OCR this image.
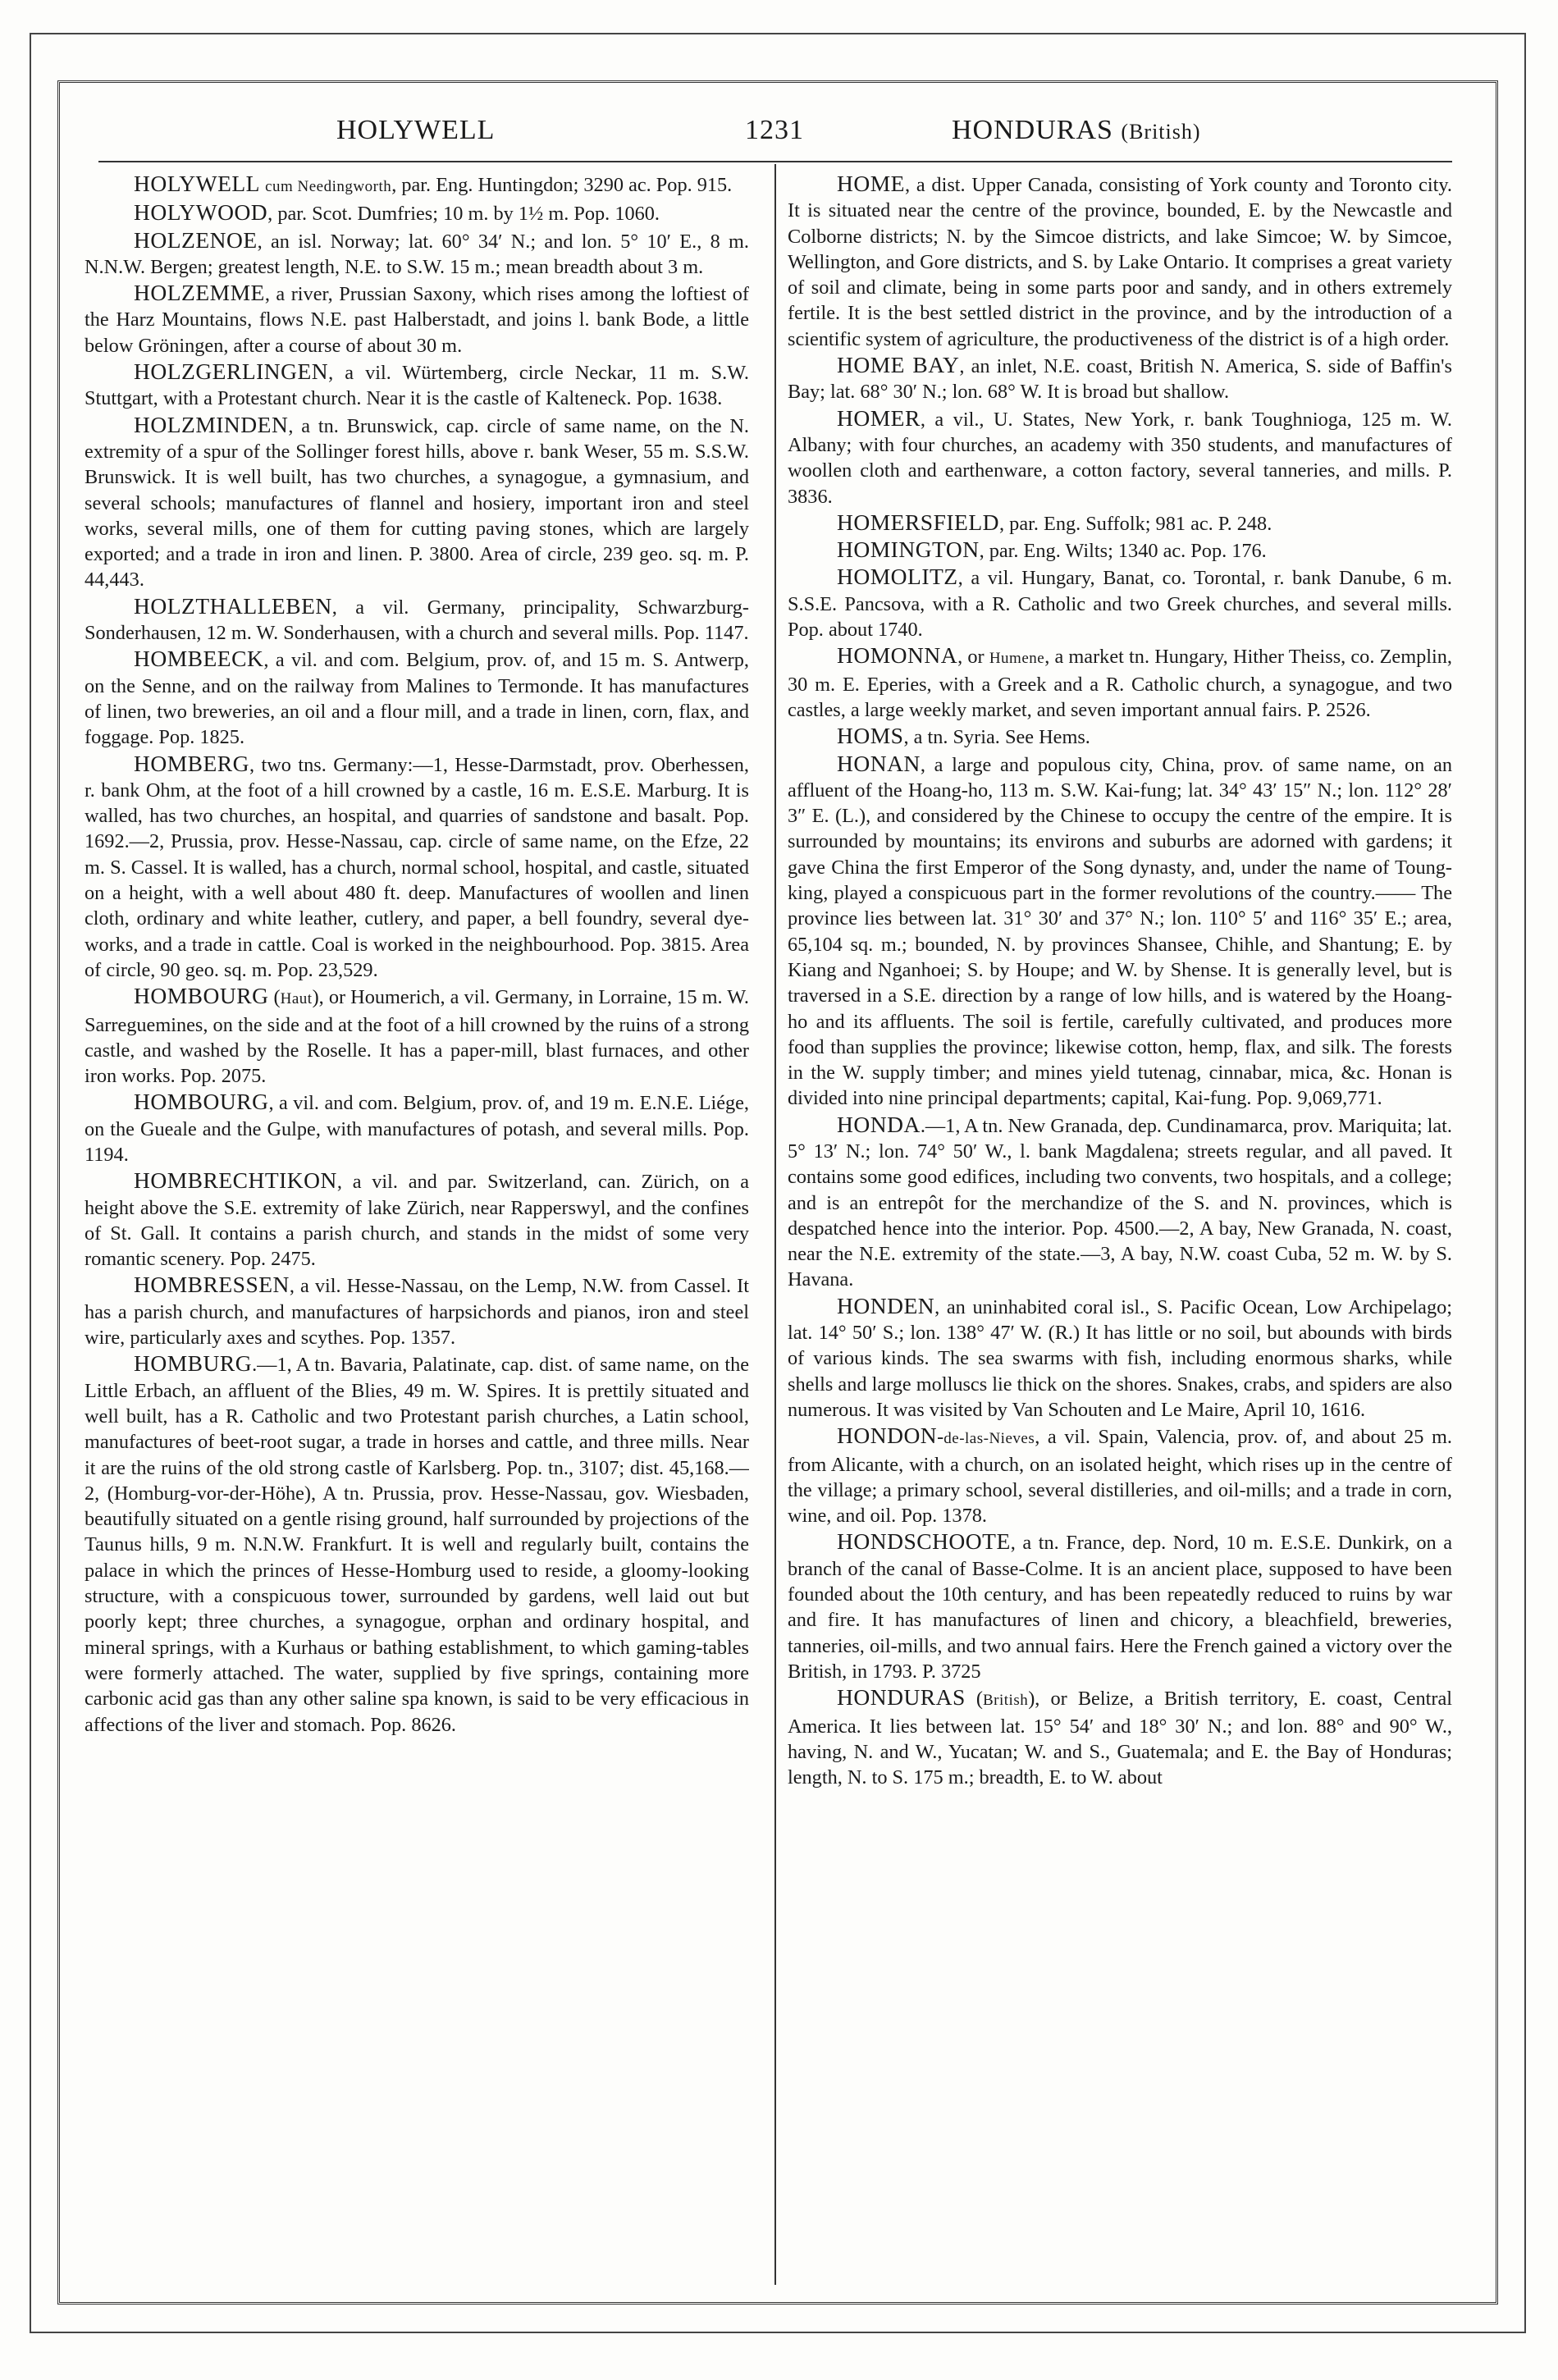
HOLYWELL	1231	HONDURAS (British)

HOLYWELL cum Needingworth, par. Eng. Huntingdon; 3290 ac. Pop. 915.

HOLYWOOD, par. Scot. Dumfries; 10 m. by 1½ m. Pop. 1060.

HOLZENOE, an isl. Norway; lat. 60° 34′ N.; and lon. 5° 10′ E., 8 m. N.N.W. Bergen; greatest length, N.E. to S.W. 15 m.; mean breadth about 3 m.

HOLZEMME, a river, Prussian Saxony, which rises among the loftiest of the Harz Mountains, flows N.E. past Halberstadt, and joins l. bank Bode, a little below Gröningen, after a course of about 30 m.

HOLZGERLINGEN, a vil. Würtemberg, circle Neckar, 11 m. S.W. Stuttgart, with a Protestant church. Near it is the castle of Kalteneck. Pop. 1638.

HOLZMINDEN, a tn. Brunswick, cap. circle of same name, on the N. extremity of a spur of the Sollinger forest hills, above r. bank Weser, 55 m. S.S.W. Brunswick. It is well built, has two churches, a synagogue, a gymnasium, and several schools; manufactures of flannel and hosiery, important iron and steel works, several mills, one of them for cutting paving stones, which are largely exported; and a trade in iron and linen. P. 3800. Area of circle, 239 geo. sq. m. P. 44,443.

HOLZTHALLEBEN, a vil. Germany, principality, Schwarzburg-Sonderhausen, 12 m. W. Sonderhausen, with a church and several mills. Pop. 1147.

HOMBEECK, a vil. and com. Belgium, prov. of, and 15 m. S. Antwerp, on the Senne, and on the railway from Malines to Termonde. It has manufactures of linen, two breweries, an oil and a flour mill, and a trade in linen, corn, flax, and foggage. Pop. 1825.

HOMBERG, two tns. Germany:—1, Hesse-Darmstadt, prov. Oberhessen, r. bank Ohm, at the foot of a hill crowned by a castle, 16 m. E.S.E. Marburg. It is walled, has two churches, an hospital, and quarries of sandstone and basalt. Pop. 1692.—2, Prussia, prov. Hesse-Nassau, cap. circle of same name, on the Efze, 22 m. S. Cassel. It is walled, has a church, normal school, hospital, and castle, situated on a height, with a well about 480 ft. deep. Manufactures of woollen and linen cloth, ordinary and white leather, cutlery, and paper, a bell foundry, several dye-works, and a trade in cattle. Coal is worked in the neighbourhood. Pop. 3815. Area of circle, 90 geo. sq. m. Pop. 23,529.

HOMBOURG (Haut), or Houmerich, a vil. Germany, in Lorraine, 15 m. W. Sarreguemines, on the side and at the foot of a hill crowned by the ruins of a strong castle, and washed by the Roselle. It has a paper-mill, blast furnaces, and other iron works. Pop. 2075.

HOMBOURG, a vil. and com. Belgium, prov. of, and 19 m. E.N.E. Liége, on the Gueale and the Gulpe, with manufactures of potash, and several mills. Pop. 1194.

HOMBRECHTIKON, a vil. and par. Switzerland, can. Zürich, on a height above the S.E. extremity of lake Zürich, near Rapperswyl, and the confines of St. Gall. It contains a parish church, and stands in the midst of some very romantic scenery. Pop. 2475.

HOMBRESSEN, a vil. Hesse-Nassau, on the Lemp, N.W. from Cassel. It has a parish church, and manufactures of harpsichords and pianos, iron and steel wire, particularly axes and scythes. Pop. 1357.

HOMBURG.—1, A tn. Bavaria, Palatinate, cap. dist. of same name, on the Little Erbach, an affluent of the Blies, 49 m. W. Spires. It is prettily situated and well built, has a R. Catholic and two Protestant parish churches, a Latin school, manufactures of beet-root sugar, a trade in horses and cattle, and three mills. Near it are the ruins of the old strong castle of Karlsberg. Pop. tn., 3107; dist. 45,168.—2, (Homburg-vor-der-Höhe), A tn. Prussia, prov. Hesse-Nassau, gov. Wiesbaden, beautifully situated on a gentle rising ground, half surrounded by projections of the Taunus hills, 9 m. N.N.W. Frankfurt. It is well and regularly built, contains the palace in which the princes of Hesse-Homburg used to reside, a gloomy-looking structure, with a conspicuous tower, surrounded by gardens, well laid out but poorly kept; three churches, a synagogue, orphan and ordinary hospital, and mineral springs, with a Kurhaus or bathing establishment, to which gaming-tables were formerly attached. The water, supplied by five springs, containing more carbonic acid gas than any other saline spa known, is said to be very efficacious in affections of the liver and stomach. Pop. 8626.

HOME, a dist. Upper Canada, consisting of York county and Toronto city. It is situated near the centre of the province, bounded, E. by the Newcastle and Colborne districts; N. by the Simcoe districts, and lake Simcoe; W. by Simcoe, Wellington, and Gore districts, and S. by Lake Ontario. It comprises a great variety of soil and climate, being in some parts poor and sandy, and in others extremely fertile. It is the best settled district in the province, and by the introduction of a scientific system of agriculture, the productiveness of the district is of a high order.

HOME BAY, an inlet, N.E. coast, British N. America, S. side of Baffin's Bay; lat. 68° 30′ N.; lon. 68° W. It is broad but shallow.

HOMER, a vil., U. States, New York, r. bank Toughnioga, 125 m. W. Albany; with four churches, an academy with 350 students, and manufactures of woollen cloth and earthenware, a cotton factory, several tanneries, and mills. P. 3836.

HOMERSFIELD, par. Eng. Suffolk; 981 ac. P. 248.

HOMINGTON, par. Eng. Wilts; 1340 ac. Pop. 176.

HOMOLITZ, a vil. Hungary, Banat, co. Torontal, r. bank Danube, 6 m. S.S.E. Pancsova, with a R. Catholic and two Greek churches, and several mills. Pop. about 1740.

HOMONNA, or Humene, a market tn. Hungary, Hither Theiss, co. Zemplin, 30 m. E. Eperies, with a Greek and a R. Catholic church, a synagogue, and two castles, a large weekly market, and seven important annual fairs. P. 2526.

HOMS, a tn. Syria. See Hems.

HONAN, a large and populous city, China, prov. of same name, on an affluent of the Hoang-ho, 113 m. S.W. Kai-fung; lat. 34° 43′ 15″ N.; lon. 112° 28′ 3″ E. (L.), and considered by the Chinese to occupy the centre of the empire. It is surrounded by mountains; its environs and suburbs are adorned with gardens; it gave China the first Emperor of the Song dynasty, and, under the name of Toung-king, played a conspicuous part in the former revolutions of the country.—— The province lies between lat. 31° 30′ and 37° N.; lon. 110° 5′ and 116° 35′ E.; area, 65,104 sq. m.; bounded, N. by provinces Shansee, Chihle, and Shantung; E. by Kiang and Nganhoei; S. by Houpe; and W. by Shense. It is generally level, but is traversed in a S.E. direction by a range of low hills, and is watered by the Hoang-ho and its affluents. The soil is fertile, carefully cultivated, and produces more food than supplies the province; likewise cotton, hemp, flax, and silk. The forests in the W. supply timber; and mines yield tutenag, cinnabar, mica, &c. Honan is divided into nine principal departments; capital, Kai-fung. Pop. 9,069,771.

HONDA.—1, A tn. New Granada, dep. Cundinamarca, prov. Mariquita; lat. 5° 13′ N.; lon. 74° 50′ W., l. bank Magdalena; streets regular, and all paved. It contains some good edifices, including two convents, two hospitals, and a college; and is an entrepôt for the merchandize of the S. and N. provinces, which is despatched hence into the interior. Pop. 4500.—2, A bay, New Granada, N. coast, near the N.E. extremity of the state.—3, A bay, N.W. coast Cuba, 52 m. W. by S. Havana.

HONDEN, an uninhabited coral isl., S. Pacific Ocean, Low Archipelago; lat. 14° 50′ S.; lon. 138° 47′ W. (R.) It has little or no soil, but abounds with birds of various kinds. The sea swarms with fish, including enormous sharks, while shells and large molluscs lie thick on the shores. Snakes, crabs, and spiders are also numerous. It was visited by Van Schouten and Le Maire, April 10, 1616.

HONDON-de-las-Nieves, a vil. Spain, Valencia, prov. of, and about 25 m. from Alicante, with a church, on an isolated height, which rises up in the centre of the village; a primary school, several distilleries, and oil-mills; and a trade in corn, wine, and oil. Pop. 1378.

HONDSCHOOTE, a tn. France, dep. Nord, 10 m. E.S.E. Dunkirk, on a branch of the canal of Basse-Colme. It is an ancient place, supposed to have been founded about the 10th century, and has been repeatedly reduced to ruins by war and fire. It has manufactures of linen and chicory, a bleachfield, breweries, tanneries, oil-mills, and two annual fairs. Here the French gained a victory over the British, in 1793. P. 3725

HONDURAS (British), or Belize, a British territory, E. coast, Central America. It lies between lat. 15° 54′ and 18° 30′ N.; and lon. 88° and 90° W., having, N. and W., Yucatan; W. and S., Guatemala; and E. the Bay of Honduras; length, N. to S. 175 m.; breadth, E. to W. about
